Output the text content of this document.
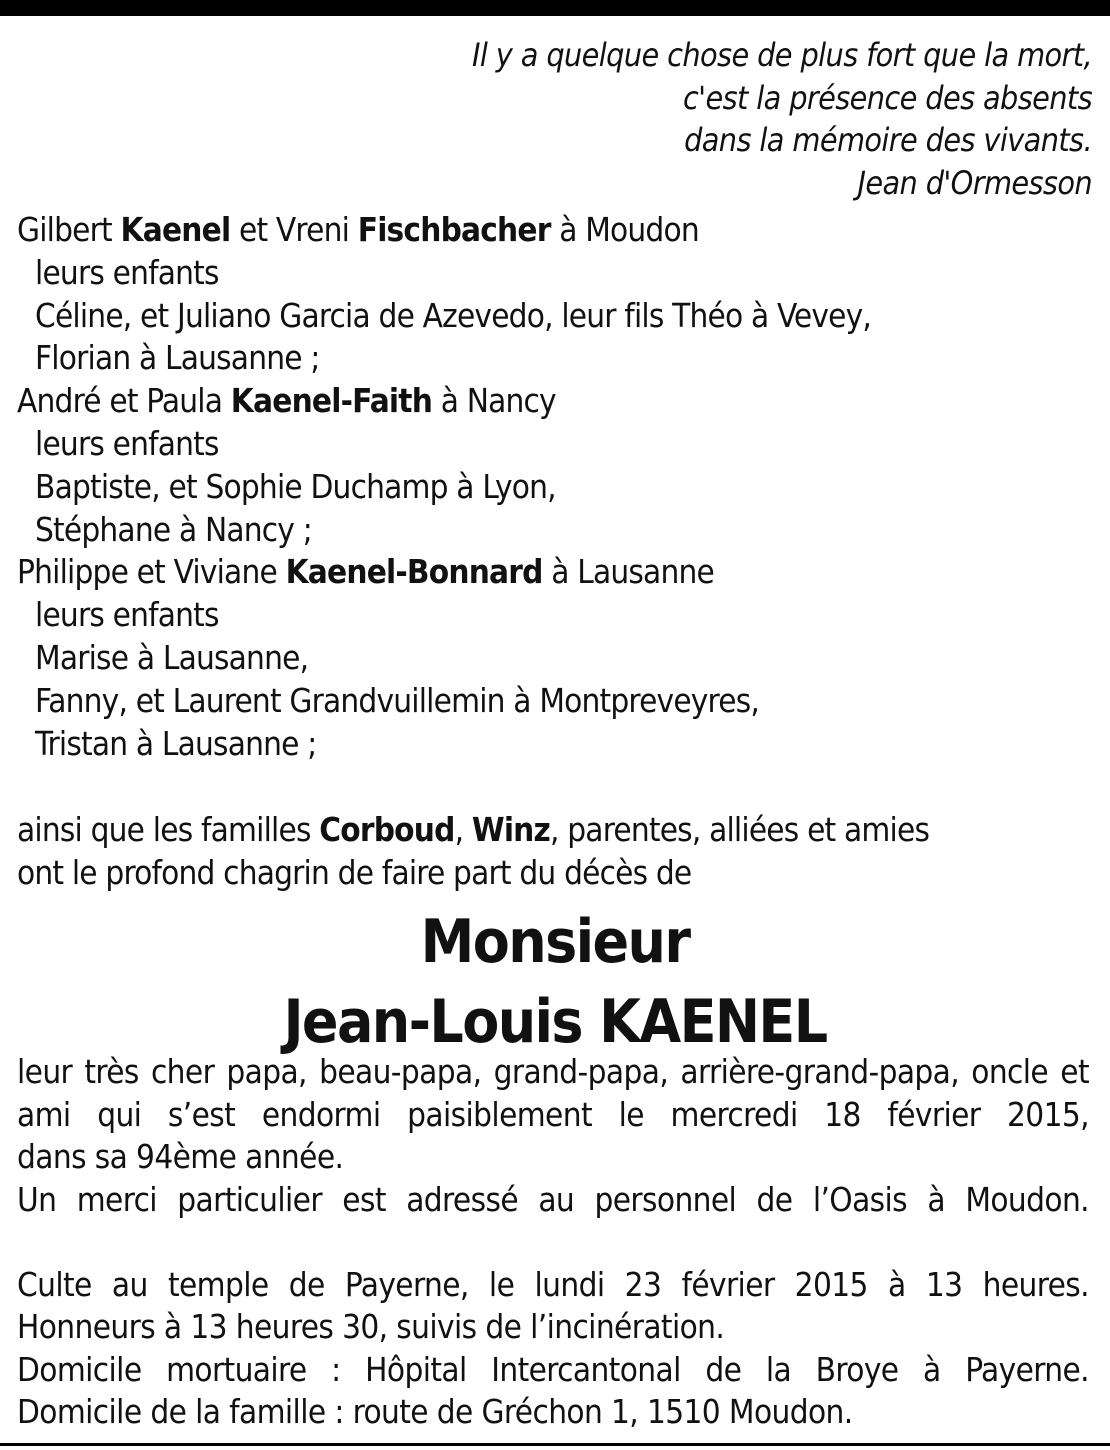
Il y a quelque chose de plus fort que la mort,
c'est la présence des absents
dans la mémoire des vivants.
Jean d'Ormesson
Gilbert Kaenel et Vreni Fischbacher à Moudon
leurs enfants
Céline, et Juliano Garcia de Azevedo, leur fils Théo à Vevey,
Florian à Lausanne ;
André et Paula Kaenel-Faith à Nancy
leurs enfants
Baptiste, et Sophie Duchamp à Lyon,
Stéphane à Nancy ;
Philippe et Viviane Kaenel-Bonnard à Lausanne
leurs enfants
Marise à Lausanne,
Fanny, et Laurent Grandvuillemin à Montpreveyres,
Tristan à Lausanne ;
ainsi que les familles Corboud, Winz, parentes, alliées et amies
ont le profond chagrin de faire part du décès de
Monsieur
Jean-Louis KAENEL
leur très cher papa, beau-papa, grand-papa, arrière-grand-papa, oncle et
ami qui s’est endormi paisiblement le mercredi 18 février 2015,
dans sa 94ème année.
Un merci particulier est adressé au personnel de l’Oasis à Moudon.
Culte au temple de Payerne, le lundi 23 février 2015 à 13 heures.
Honneurs à 13 heures 30, suivis de l’incinération.
Domicile mortuaire : Hôpital Intercantonal de la Broye à Payerne.
Domicile de la famille : route de Gréchon 1, 1510 Moudon.
